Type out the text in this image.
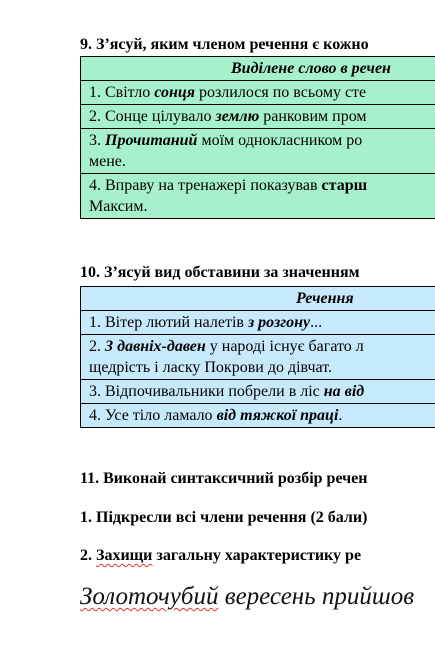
9. З’ясуй, яким членом речення є кожно
Виділене слово в речен
1. Світло сонця розлилося по всьому сте
2. Сонце цілувало землю ранковим пром

3. Прочитаний моїм однокласником ро
мене.

4. Вправу на тренажері показував старш
Максим.
10. З’ясуй вид обставини за значенням
Речення
1. Вітер лютий налетів з розгону...

2. З давніх-давен у народі існує багато л
щедрість і ласку Покрови до дівчат.

3. Відпочивальники побрели в ліс на від
4. Усе тіло ламало від тяжкої праці.
11. Виконай синтаксичний розбір речен
1. Підкресли всі члени речення (2 бали)
2. Захищи загальну характеристику ре
Золоточубий вересень прийшов
